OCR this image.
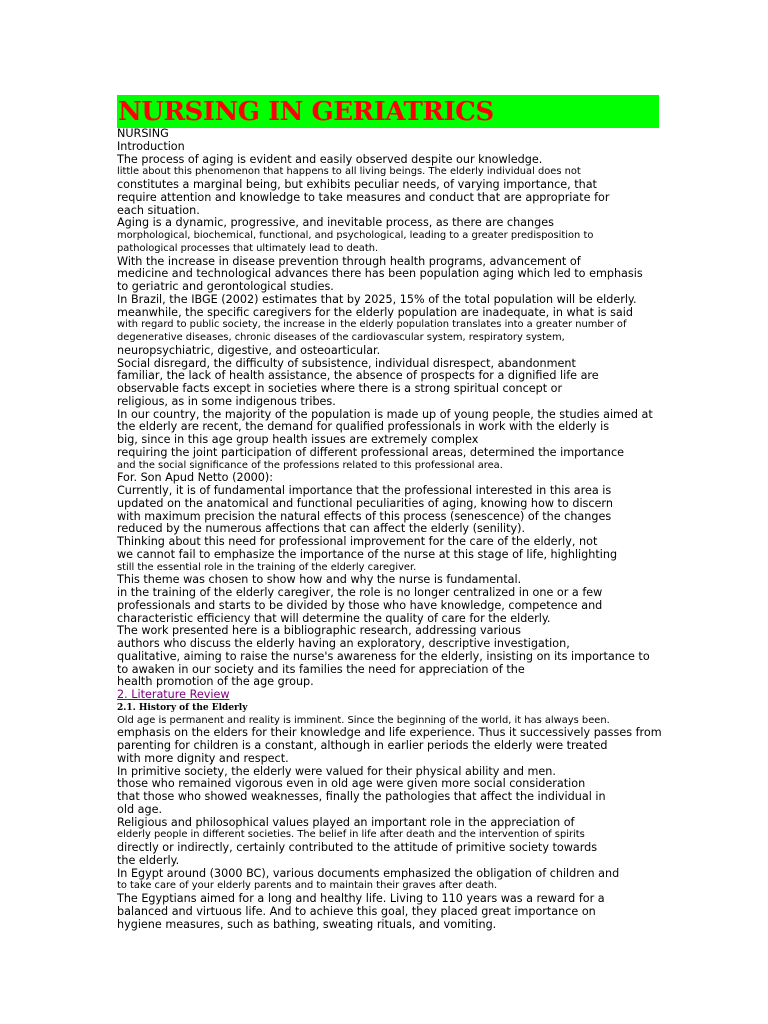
NURSING IN GERIATRICS
NURSING
Introduction
The process of aging is evident and easily observed despite our knowledge.
little about this phenomenon that happens to all living beings. The elderly individual does not
constitutes a marginal being, but exhibits peculiar needs, of varying importance, that
require attention and knowledge to take measures and conduct that are appropriate for
each situation.
Aging is a dynamic, progressive, and inevitable process, as there are changes
morphological, biochemical, functional, and psychological, leading to a greater predisposition to
pathological processes that ultimately lead to death.
With the increase in disease prevention through health programs, advancement of
medicine and technological advances there has been population aging which led to emphasis
to geriatric and gerontological studies.
In Brazil, the IBGE (2002) estimates that by 2025, 15% of the total population will be elderly.
meanwhile, the specific caregivers for the elderly population are inadequate, in what is said
with regard to public society, the increase in the elderly population translates into a greater number of
degenerative diseases, chronic diseases of the cardiovascular system, respiratory system,
neuropsychiatric, digestive, and osteoarticular.
Social disregard, the difficulty of subsistence, individual disrespect, abandonment
familiar, the lack of health assistance, the absence of prospects for a dignified life are
observable facts except in societies where there is a strong spiritual concept or
religious, as in some indigenous tribes.
In our country, the majority of the population is made up of young people, the studies aimed at
the elderly are recent, the demand for qualified professionals in work with the elderly is
big, since in this age group health issues are extremely complex
requiring the joint participation of different professional areas, determined the importance
and the social significance of the professions related to this professional area.
For. Son Apud Netto (2000):
Currently, it is of fundamental importance that the professional interested in this area is
updated on the anatomical and functional peculiarities of aging, knowing how to discern
with maximum precision the natural effects of this process (senescence) of the changes
reduced by the numerous affections that can affect the elderly (senility).
Thinking about this need for professional improvement for the care of the elderly, not
we cannot fail to emphasize the importance of the nurse at this stage of life, highlighting
still the essential role in the training of the elderly caregiver.
This theme was chosen to show how and why the nurse is fundamental.
in the training of the elderly caregiver, the role is no longer centralized in one or a few
professionals and starts to be divided by those who have knowledge, competence and
characteristic efficiency that will determine the quality of care for the elderly.
The work presented here is a bibliographic research, addressing various
authors who discuss the elderly having an exploratory, descriptive investigation,
qualitative, aiming to raise the nurse's awareness for the elderly, insisting on its importance to
to awaken in our society and its families the need for appreciation of the
health promotion of the age group.
2. Literature Review
2.1. History of the Elderly
Old age is permanent and reality is imminent. Since the beginning of the world, it has always been.
emphasis on the elders for their knowledge and life experience. Thus it successively passes from
parenting for children is a constant, although in earlier periods the elderly were treated
with more dignity and respect.
In primitive society, the elderly were valued for their physical ability and men.
those who remained vigorous even in old age were given more social consideration
that those who showed weaknesses, finally the pathologies that affect the individual in
old age.
Religious and philosophical values played an important role in the appreciation of
elderly people in different societies. The belief in life after death and the intervention of spirits
directly or indirectly, certainly contributed to the attitude of primitive society towards
the elderly.
In Egypt around (3000 BC), various documents emphasized the obligation of children and
to take care of your elderly parents and to maintain their graves after death.
The Egyptians aimed for a long and healthy life. Living to 110 years was a reward for a
balanced and virtuous life. And to achieve this goal, they placed great importance on
hygiene measures, such as bathing, sweating rituals, and vomiting.
